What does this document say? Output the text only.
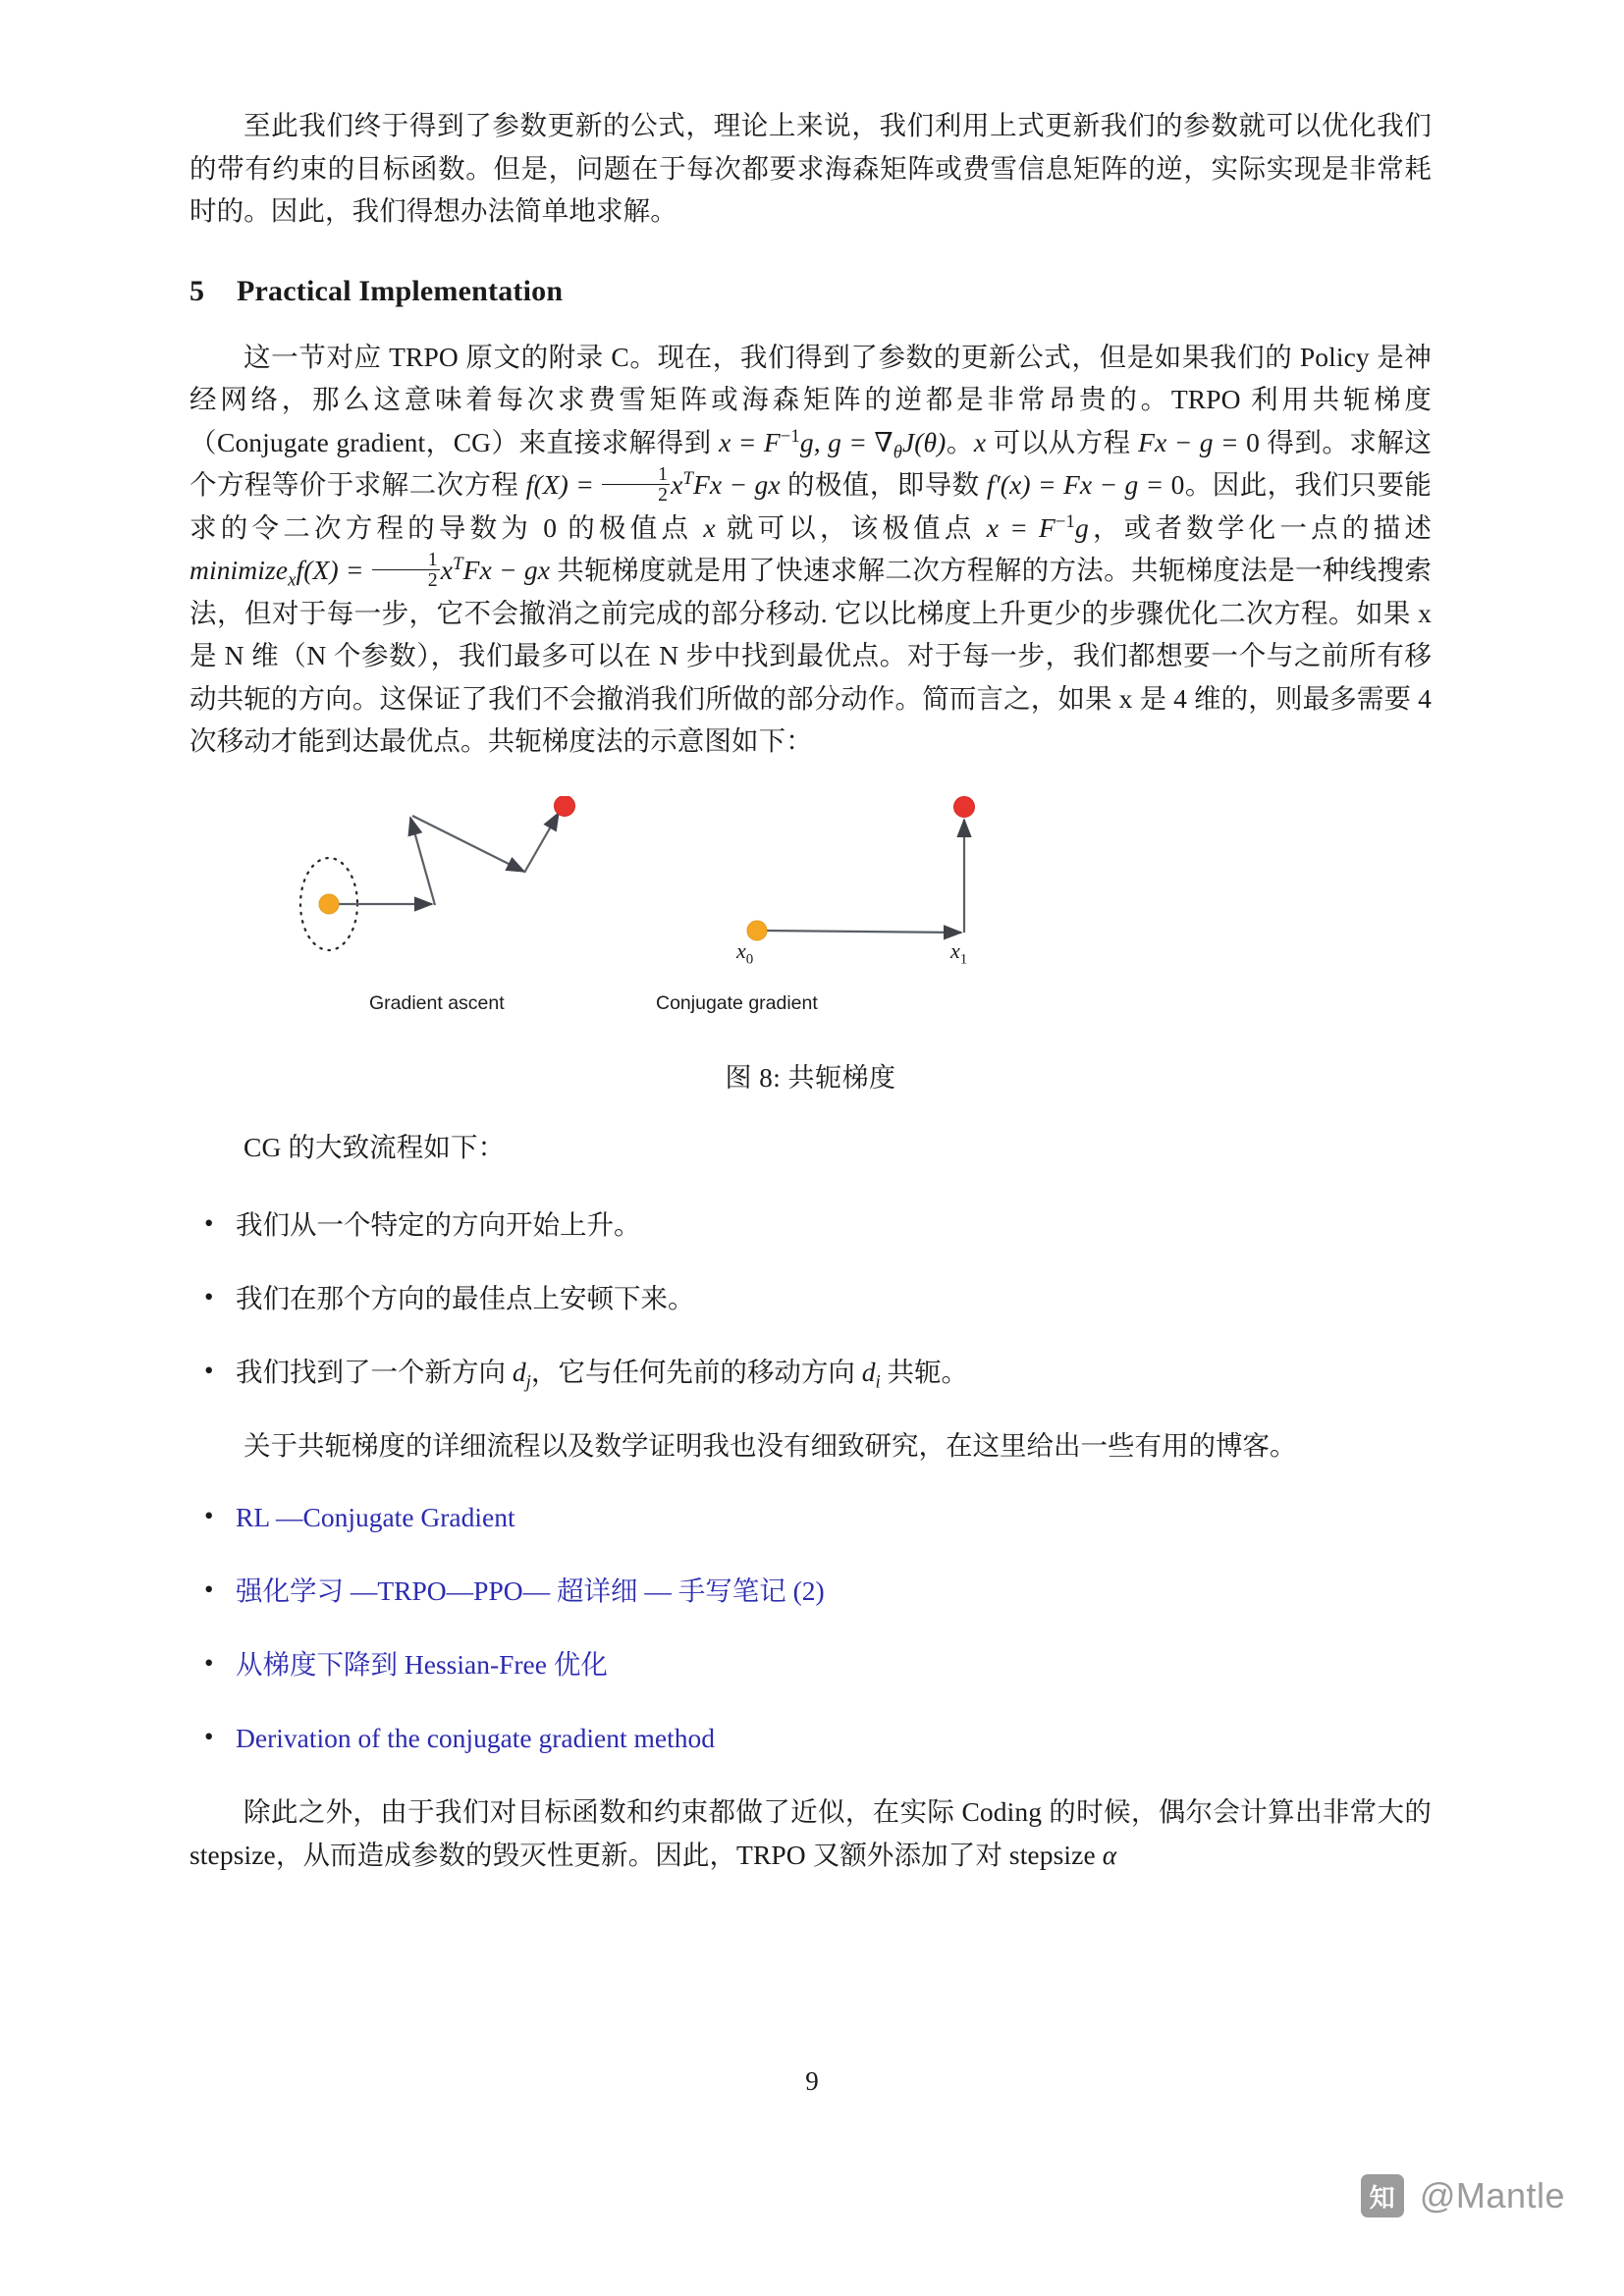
至此我们终于得到了参数更新的公式，理论上来说，我们利用上式更新我们的参数就可以优化我们的带有约束的目标函数。但是，问题在于每次都要求海森矩阵或费雪信息矩阵的逆，实际实现是非常耗时的。因此，我们得想办法简单地求解。

5 Practical Implementation

这一节对应 TRPO 原文的附录 C。现在，我们得到了参数的更新公式，但是如果我们的 Policy 是神经网络，那么这意味着每次求费雪矩阵或海森矩阵的逆都是非常昂贵的。TRPO 利用共轭梯度（Conjugate gradient，CG）来直接求解得到 $x = F^{-1}g$, $g = \nabla_\theta J(\theta)$。x 可以从方程 Fx − g = 0 得到。求解这个方程等价于求解二次方程 $f(X) = \frac{1}{2} x^TFx$ − gx 的极值，即导数 f′(x) = Fx − g = 0。因此，我们只要能求的令二次方程的导数为 0 的极值点 x 就可以，该极值点 $x = F^{-1}g$，或者数学化一点的描述 minimize$_x$f(X) = $\frac{1}{2} x^TFx$ − gx 共轭梯度就是用了快速求解二次方程解的方法。共轭梯度法是一种线搜索法，但对于每一步，它不会撤消之前完成的部分移动. 它以比梯度上升更少的步骤优化二次方程。如果 x 是 N 维（N 个参数），我们最多可以在 N 步中找到最优点。对于每一步，我们都想要一个与之前所有移动共轭的方向。这保证了我们不会撤消我们所做的部分动作。简而言之，如果 x 是 4 维的，则最多需要 4 次移动才能到达最优点。共轭梯度法的示意图如下：

$x_0$	$x_1$
Gradient ascent	Conjugate gradient
图 8: 共轭梯度

CG 的大致流程如下：

• 我们从一个特定的方向开始上升。
• 我们在那个方向的最佳点上安顿下来。
• 我们找到了一个新方向 $d_j$，它与任何先前的移动方向 $d_i$ 共轭。
关于共轭梯度的详细流程以及数学证明我也没有细致研究，在这里给出一些有用的博客。
• RL —Conjugate Gradient
• 强化学习 —TRPO—PPO— 超详细 — 手写笔记 (2)
• 从梯度下降到 Hessian-Free 优化
• Derivation of the conjugate gradient method

除此之外，由于我们对目标函数和约束都做了近似，在实际 Coding 的时候，偶尔会计算出非常大的 stepsize，从而造成参数的毁灭性更新。因此，TRPO 又额外添加了对 stepsize α

9
知 @Mantle
